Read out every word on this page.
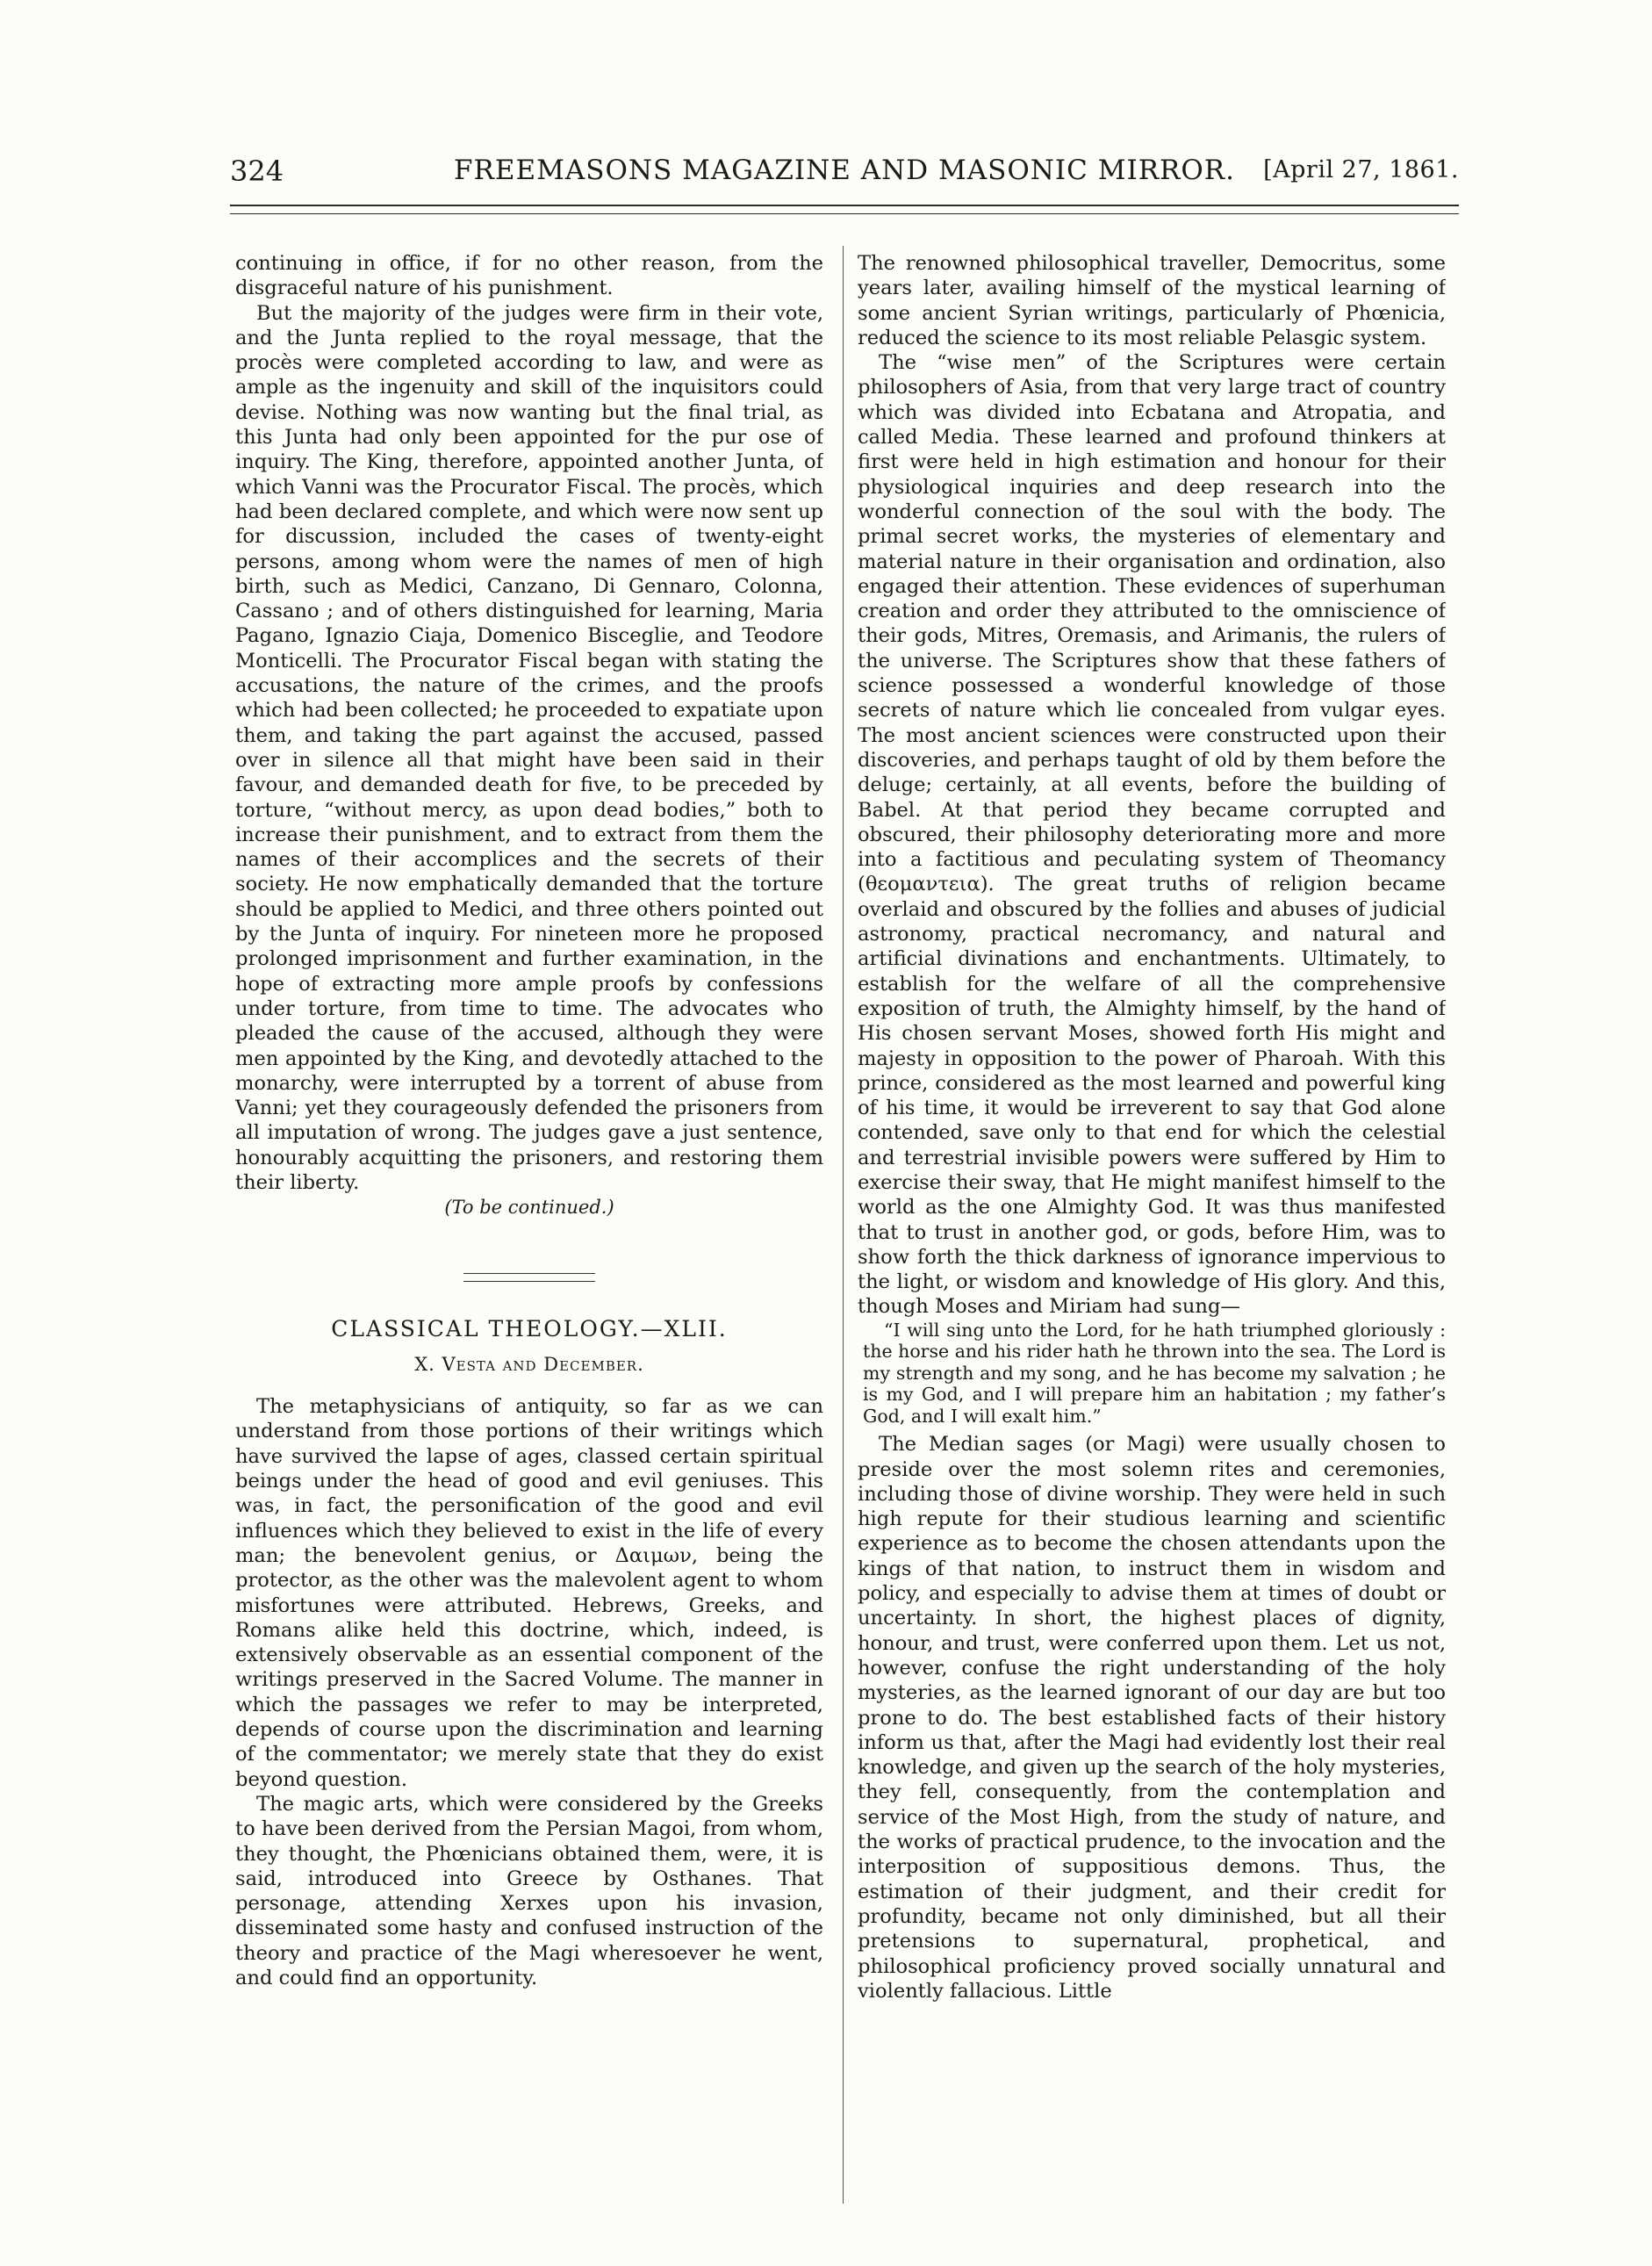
324	FREEMASONS MAGAZINE AND MASONIC MIRROR.	[April 27, 1861.

continuing in office, if for no other reason, from the disgraceful nature of his punishment.

But the majority of the judges were firm in their vote, and the Junta replied to the royal message, that the procès were completed according to law, and were as ample as the ingenuity and skill of the inquisitors could devise. Nothing was now wanting but the final trial, as this Junta had only been appointed for the pur ose of inquiry. The King, therefore, appointed another Junta, of which Vanni was the Procurator Fiscal. The procès, which had been declared complete, and which were now sent up for discussion, included the cases of twenty-eight persons, among whom were the names of men of high birth, such as Medici, Canzano, Di Gennaro, Colonna, Cassano ; and of others distinguished for learning, Maria Pagano, Ignazio Ciaja, Domenico Bisceglie, and Teodore Monticelli. The Procurator Fiscal began with stating the accusations, the nature of the crimes, and the proofs which had been collected; he proceeded to expatiate upon them, and taking the part against the accused, passed over in silence all that might have been said in their favour, and demanded death for five, to be preceded by torture, “without mercy, as upon dead bodies,” both to increase their punishment, and to extract from them the names of their accomplices and the secrets of their society. He now emphatically demanded that the torture should be applied to Medici, and three others pointed out by the Junta of inquiry. For nineteen more he proposed prolonged imprisonment and further examination, in the hope of extracting more ample proofs by confessions under torture, from time to time. The advocates who pleaded the cause of the accused, although they were men appointed by the King, and devotedly attached to the monarchy, were interrupted by a torrent of abuse from Vanni; yet they courageously defended the prisoners from all imputation of wrong. The judges gave a just sentence, honourably acquitting the prisoners, and restoring them their liberty.

(To be continued.)

CLASSICAL THEOLOGY.—XLII.
X. Vesta and December.

The metaphysicians of antiquity, so far as we can understand from those portions of their writings which have survived the lapse of ages, classed certain spiritual beings under the head of good and evil geniuses. This was, in fact, the personification of the good and evil influences which they believed to exist in the life of every man; the benevolent genius, or Δαιμων, being the protector, as the other was the malevolent agent to whom misfortunes were attributed. Hebrews, Greeks, and Romans alike held this doctrine, which, indeed, is extensively observable as an essential component of the writings preserved in the Sacred Volume. The manner in which the passages we refer to may be interpreted, depends of course upon the discrimination and learning of the commentator; we merely state that they do exist beyond question.

The magic arts, which were considered by the Greeks to have been derived from the Persian Magoi, from whom, they thought, the Phœnicians obtained them, were, it is said, introduced into Greece by Osthanes. That personage, attending Xerxes upon his invasion, disseminated some hasty and confused instruction of the theory and practice of the Magi wheresoever he went, and could find an opportunity.

The renowned philosophical traveller, Democritus, some years later, availing himself of the mystical learning of some ancient Syrian writings, particularly of Phœnicia, reduced the science to its most reliable Pelasgic system.

The “wise men” of the Scriptures were certain philosophers of Asia, from that very large tract of country which was divided into Ecbatana and Atropatia, and called Media. These learned and profound thinkers at first were held in high estimation and honour for their physiological inquiries and deep research into the wonderful connection of the soul with the body. The primal secret works, the mysteries of elementary and material nature in their organisation and ordination, also engaged their attention. These evidences of superhuman creation and order they attributed to the omniscience of their gods, Mitres, Oremasis, and Arimanis, the rulers of the universe. The Scriptures show that these fathers of science possessed a wonderful knowledge of those secrets of nature which lie concealed from vulgar eyes. The most ancient sciences were constructed upon their discoveries, and perhaps taught of old by them before the deluge; certainly, at all events, before the building of Babel. At that period they became corrupted and obscured, their philosophy deteriorating more and more into a factitious and peculating system of Theomancy (θεομαντεια). The great truths of religion became overlaid and obscured by the follies and abuses of judicial astronomy, practical necromancy, and natural and artificial divinations and enchantments. Ultimately, to establish for the welfare of all the comprehensive exposition of truth, the Almighty himself, by the hand of His chosen servant Moses, showed forth His might and majesty in opposition to the power of Pharoah. With this prince, considered as the most learned and powerful king of his time, it would be irreverent to say that God alone contended, save only to that end for which the celestial and terrestrial invisible powers were suffered by Him to exercise their sway, that He might manifest himself to the world as the one Almighty God. It was thus manifested that to trust in another god, or gods, before Him, was to show forth the thick darkness of ignorance impervious to the light, or wisdom and knowledge of His glory. And this, though Moses and Miriam had sung—

“I will sing unto the Lord, for he hath triumphed gloriously : the horse and his rider hath he thrown into the sea. The Lord is my strength and my song, and he has become my salvation ; he is my God, and I will prepare him an habitation ; my father’s God, and I will exalt him.”

The Median sages (or Magi) were usually chosen to preside over the most solemn rites and ceremonies, including those of divine worship. They were held in such high repute for their studious learning and scientific experience as to become the chosen attendants upon the kings of that nation, to instruct them in wisdom and policy, and especially to advise them at times of doubt or uncertainty. In short, the highest places of dignity, honour, and trust, were conferred upon them. Let us not, however, confuse the right understanding of the holy mysteries, as the learned ignorant of our day are but too prone to do. The best established facts of their history inform us that, after the Magi had evidently lost their real knowledge, and given up the search of the holy mysteries, they fell, consequently, from the contemplation and service of the Most High, from the study of nature, and the works of practical prudence, to the invocation and the interposition of suppositious demons. Thus, the estimation of their judgment, and their credit for profundity, became not only diminished, but all their pretensions to supernatural, prophetical, and philosophical proficiency proved socially unnatural and violently fallacious. Little
